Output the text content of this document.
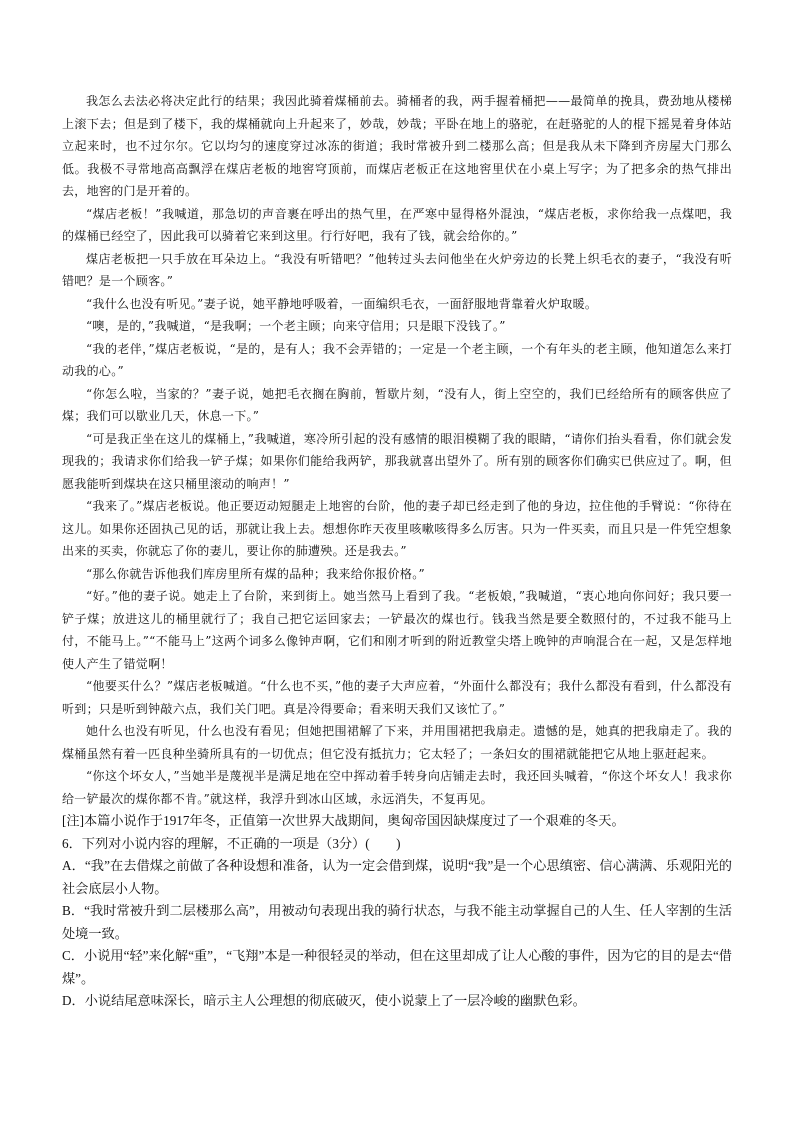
我怎么去法必将决定此行的结果；我因此骑着煤桶前去。骑桶者的我，两手握着桶把——最简单的挽具，费劲地从楼梯上滚下去；但是到了楼下，我的煤桶就向上升起来了，妙哉，妙哉；平卧在地上的骆驼，在赶骆驼的人的棍下摇晃着身体站立起来时，也不过尔尔。它以均匀的速度穿过冰冻的街道；我时常被升到二楼那么高；但是我从未下降到齐房屋大门那么低。我极不寻常地高高飘浮在煤店老板的地窖穹顶前，而煤店老板正在这地窖里伏在小桌上写字；为了把多余的热气排出去，地窖的门是开着的。

“煤店老板！”我喊道，那急切的声音裹在呼出的热气里，在严寒中显得格外混浊，“煤店老板，求你给我一点煤吧，我的煤桶已经空了，因此我可以骑着它来到这里。行行好吧，我有了钱，就会给你的。”

煤店老板把一只手放在耳朵边上。“我没有听错吧？”他转过头去问他坐在火炉旁边的长凳上织毛衣的妻子，“我没有听错吧？是一个顾客。”

“我什么也没有听见。”妻子说，她平静地呼吸着，一面编织毛衣，一面舒服地背靠着火炉取暖。

“噢，是的，”我喊道，“是我啊；一个老主顾；向来守信用；只是眼下没钱了。”

“我的老伴，”煤店老板说，“是的，是有人；我不会弄错的；一定是一个老主顾，一个有年头的老主顾，他知道怎么来打动我的心。”

“你怎么啦，当家的？”妻子说，她把毛衣搁在胸前，暂歇片刻，“没有人，街上空空的，我们已经给所有的顾客供应了煤；我们可以歇业几天，休息一下。”

“可是我正坐在这儿的煤桶上，”我喊道，寒冷所引起的没有感情的眼泪模糊了我的眼睛，“请你们抬头看看，你们就会发现我的；我请求你们给我一铲子煤；如果你们能给我两铲，那我就喜出望外了。所有别的顾客你们确实已供应过了。啊，但愿我能听到煤块在这只桶里滚动的响声！”

“我来了。”煤店老板说。他正要迈动短腿走上地窖的台阶，他的妻子却已经走到了他的身边，拉住他的手臂说：“你待在这儿。如果你还固执己见的话，那就让我上去。想想你昨天夜里咳嗽咳得多么厉害。只为一件买卖，而且只是一件凭空想象出来的买卖，你就忘了你的妻儿，要让你的肺遭殃。还是我去。”

“那么你就告诉他我们库房里所有煤的品种；我来给你报价格。”

“好。”他的妻子说。她走上了台阶，来到街上。她当然马上看到了我。“老板娘，”我喊道，“衷心地向你问好；我只要一铲子煤；放进这儿的桶里就行了；我自己把它运回家去；一铲最次的煤也行。钱我当然是要全数照付的，不过我不能马上付，不能马上。”“不能马上”这两个词多么像钟声啊，它们和刚才听到的附近教堂尖塔上晚钟的声响混合在一起，又是怎样地使人产生了错觉啊！

“他要买什么？”煤店老板喊道。“什么也不买，”他的妻子大声应着，“外面什么都没有；我什么都没有看到，什么都没有听到；只是听到钟敲六点，我们关门吧。真是冷得要命；看来明天我们又该忙了。”

她什么也没有听见，什么也没有看见；但她把围裙解了下来，并用围裙把我扇走。遗憾的是，她真的把我扇走了。我的煤桶虽然有着一匹良种坐骑所具有的一切优点；但它没有抵抗力；它太轻了；一条妇女的围裙就能把它从地上驱赶起来。

“你这个坏女人，”当她半是蔑视半是满足地在空中挥动着手转身向店铺走去时，我还回头喊着，“你这个坏女人！我求你给一铲最次的煤你都不肯。”就这样，我浮升到冰山区域，永远消失，不复再见。

[注]本篇小说作于1917年冬，正值第一次世界大战期间，奥匈帝国因缺煤度过了一个艰难的冬天。

6．下列对小说内容的理解，不正确的一项是（3分）(　　)

A．“我”在去借煤之前做了各种设想和准备，认为一定会借到煤，说明“我”是一个心思缜密、信心满满、乐观阳光的社会底层小人物。

B．“我时常被升到二层楼那么高”，用被动句表现出我的骑行状态，与我不能主动掌握自己的人生、任人宰割的生活处境一致。

C．小说用“轻”来化解“重”，“飞翔”本是一种很轻灵的举动，但在这里却成了让人心酸的事件，因为它的目的是去“借煤”。

D．小说结尾意味深长，暗示主人公理想的彻底破灭，使小说蒙上了一层冷峻的幽默色彩。
